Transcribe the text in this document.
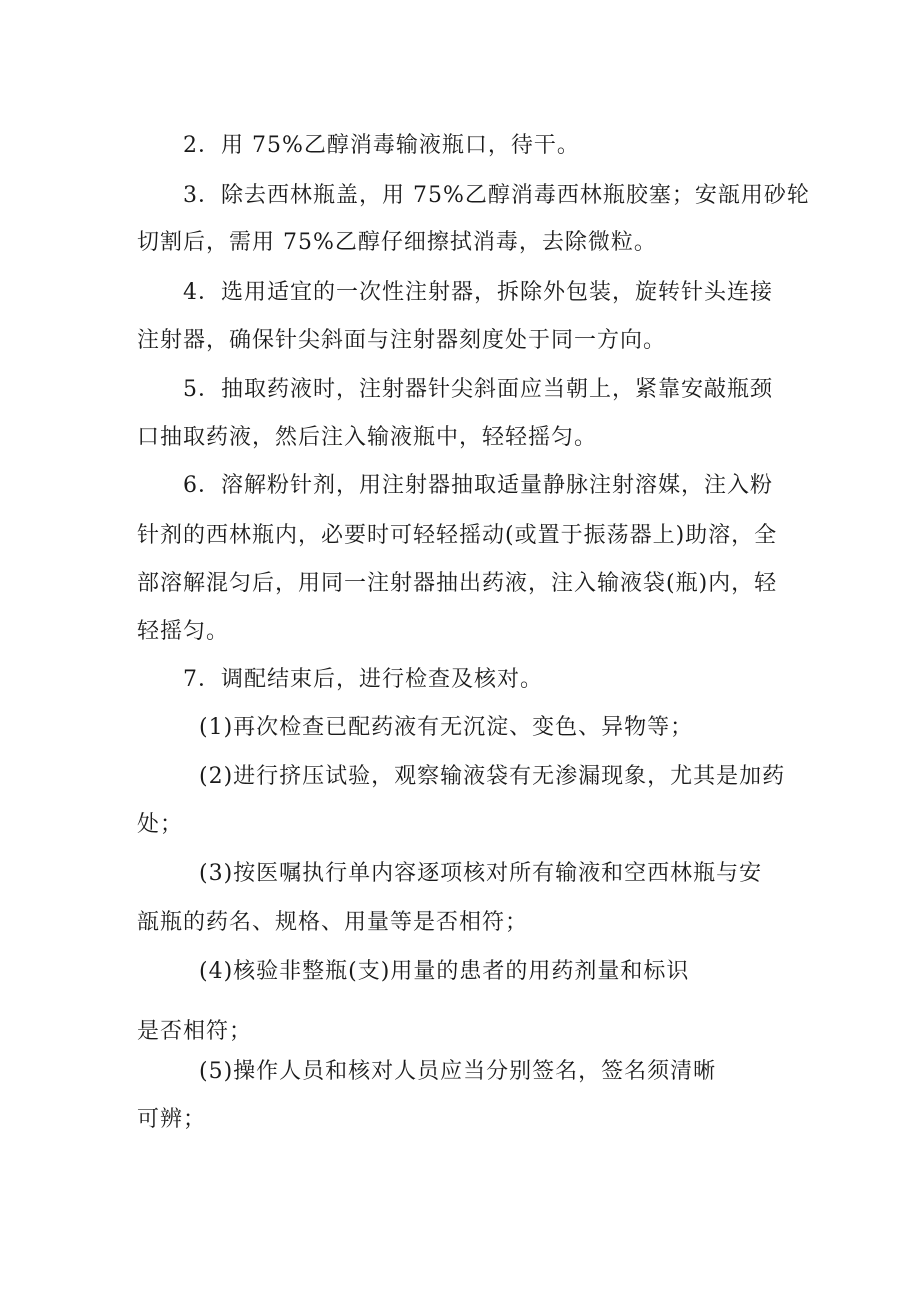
2．用 75%乙醇消毒输液瓶口，待干。
3．除去西林瓶盖，用 75%乙醇消毒西林瓶胶塞；安瓿用砂轮
切割后，需用 75%乙醇仔细擦拭消毒，去除微粒。
4．选用适宜的一次性注射器，拆除外包装，旋转针头连接
注射器，确保针尖斜面与注射器刻度处于同一方向。
5．抽取药液时，注射器针尖斜面应当朝上，紧靠安敲瓶颈
口抽取药液，然后注入输液瓶中，轻轻摇匀。
6．溶解粉针剂，用注射器抽取适量静脉注射溶媒，注入粉
针剂的西林瓶内，必要时可轻轻摇动(或置于振荡器上)助溶，全
部溶解混匀后，用同一注射器抽出药液，注入输液袋(瓶)内，轻
轻摇匀。
7．调配结束后，进行检查及核对。
(1)再次检查已配药液有无沉淀、变色、异物等；
(2)进行挤压试验，观察输液袋有无渗漏现象，尤其是加药
处；
(3)按医嘱执行单内容逐项核对所有输液和空西林瓶与安
瓿瓶的药名、规格、用量等是否相符；
(4)核验非整瓶(支)用量的患者的用药剂量和标识
是否相符；
(5)操作人员和核对人员应当分别签名，签名须清晰
可辨；
